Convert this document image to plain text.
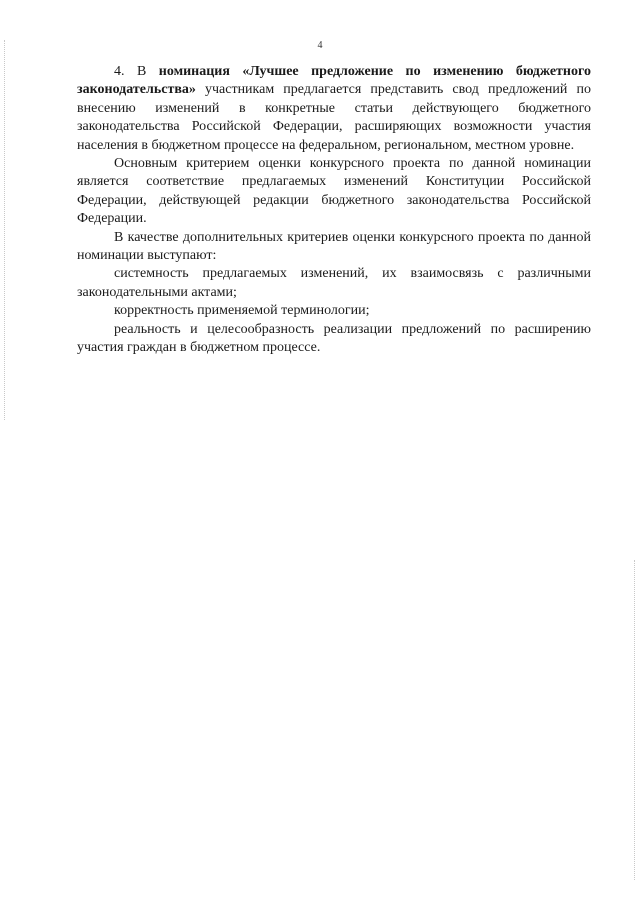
4

4. В номинация «Лучшее предложение по изменению бюджетного законодательства» участникам предлагается представить свод предложений по внесению изменений в конкретные статьи действующего бюджетного законодательства Российской Федерации, расширяющих возможности участия населения в бюджетном процессе на федеральном, региональном, местном уровне.

Основным критерием оценки конкурсного проекта по данной номинации является соответствие предлагаемых изменений Конституции Российской Федерации, действующей редакции бюджетного законодательства Российской Федерации.

В качестве дополнительных критериев оценки конкурсного проекта по данной номинации выступают:

системность предлагаемых изменений, их взаимосвязь с различными законодательными актами;

корректность применяемой терминологии;

реальность и целесообразность реализации предложений по расширению участия граждан в бюджетном процессе.
